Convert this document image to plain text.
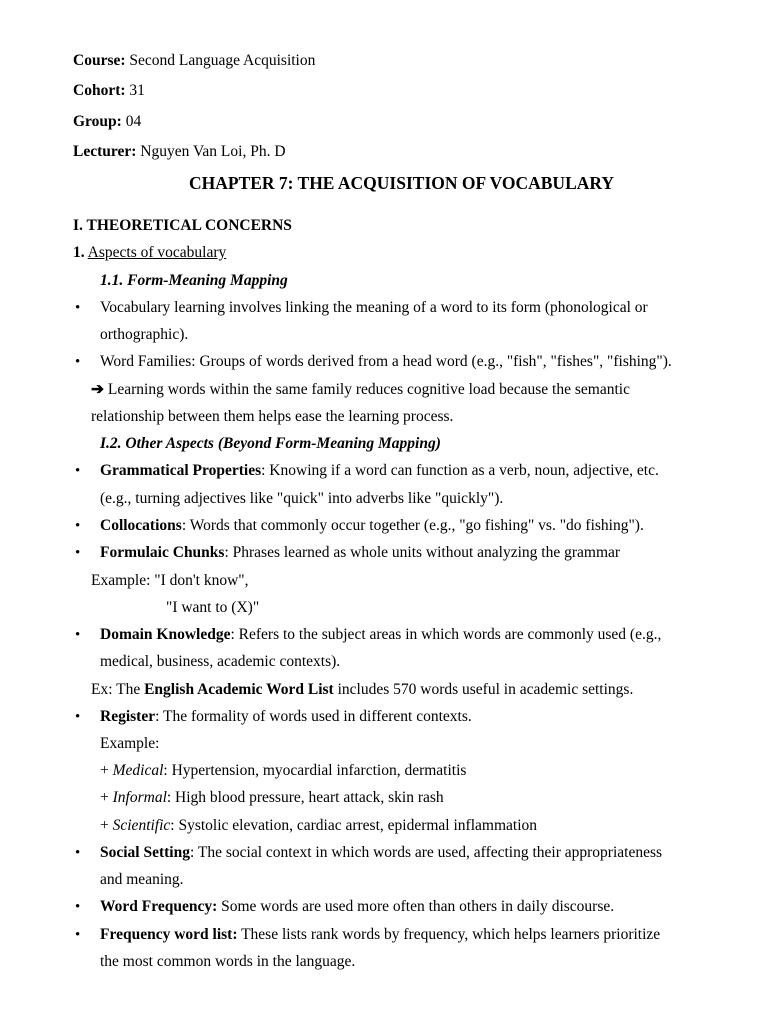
Course: Second Language Acquisition
Cohort: 31
Group: 04
Lecturer: Nguyen Van Loi, Ph. D
CHAPTER 7: THE ACQUISITION OF VOCABULARY
I. THEORETICAL CONCERNS
1. Aspects of vocabulary
1.1. Form-Meaning Mapping
• Vocabulary learning involves linking the meaning of a word to its form (phonological or
orthographic).
• Word Families: Groups of words derived from a head word (e.g., "fish", "fishes", "fishing").
➔ Learning words within the same family reduces cognitive load because the semantic
relationship between them helps ease the learning process.
I.2. Other Aspects (Beyond Form-Meaning Mapping)
• Grammatical Properties: Knowing if a word can function as a verb, noun, adjective, etc.
(e.g., turning adjectives like "quick" into adverbs like "quickly").
• Collocations: Words that commonly occur together (e.g., "go fishing" vs. "do fishing").
• Formulaic Chunks: Phrases learned as whole units without analyzing the grammar
Example: "I don't know",
"I want to (X)"
• Domain Knowledge: Refers to the subject areas in which words are commonly used (e.g.,
medical, business, academic contexts).
Ex: The English Academic Word List includes 570 words useful in academic settings.
• Register: The formality of words used in different contexts.
Example:
+ Medical: Hypertension, myocardial infarction, dermatitis
+ Informal: High blood pressure, heart attack, skin rash
+ Scientific: Systolic elevation, cardiac arrest, epidermal inflammation
• Social Setting: The social context in which words are used, affecting their appropriateness
and meaning.
• Word Frequency: Some words are used more often than others in daily discourse.
• Frequency word list: These lists rank words by frequency, which helps learners prioritize
the most common words in the language.
